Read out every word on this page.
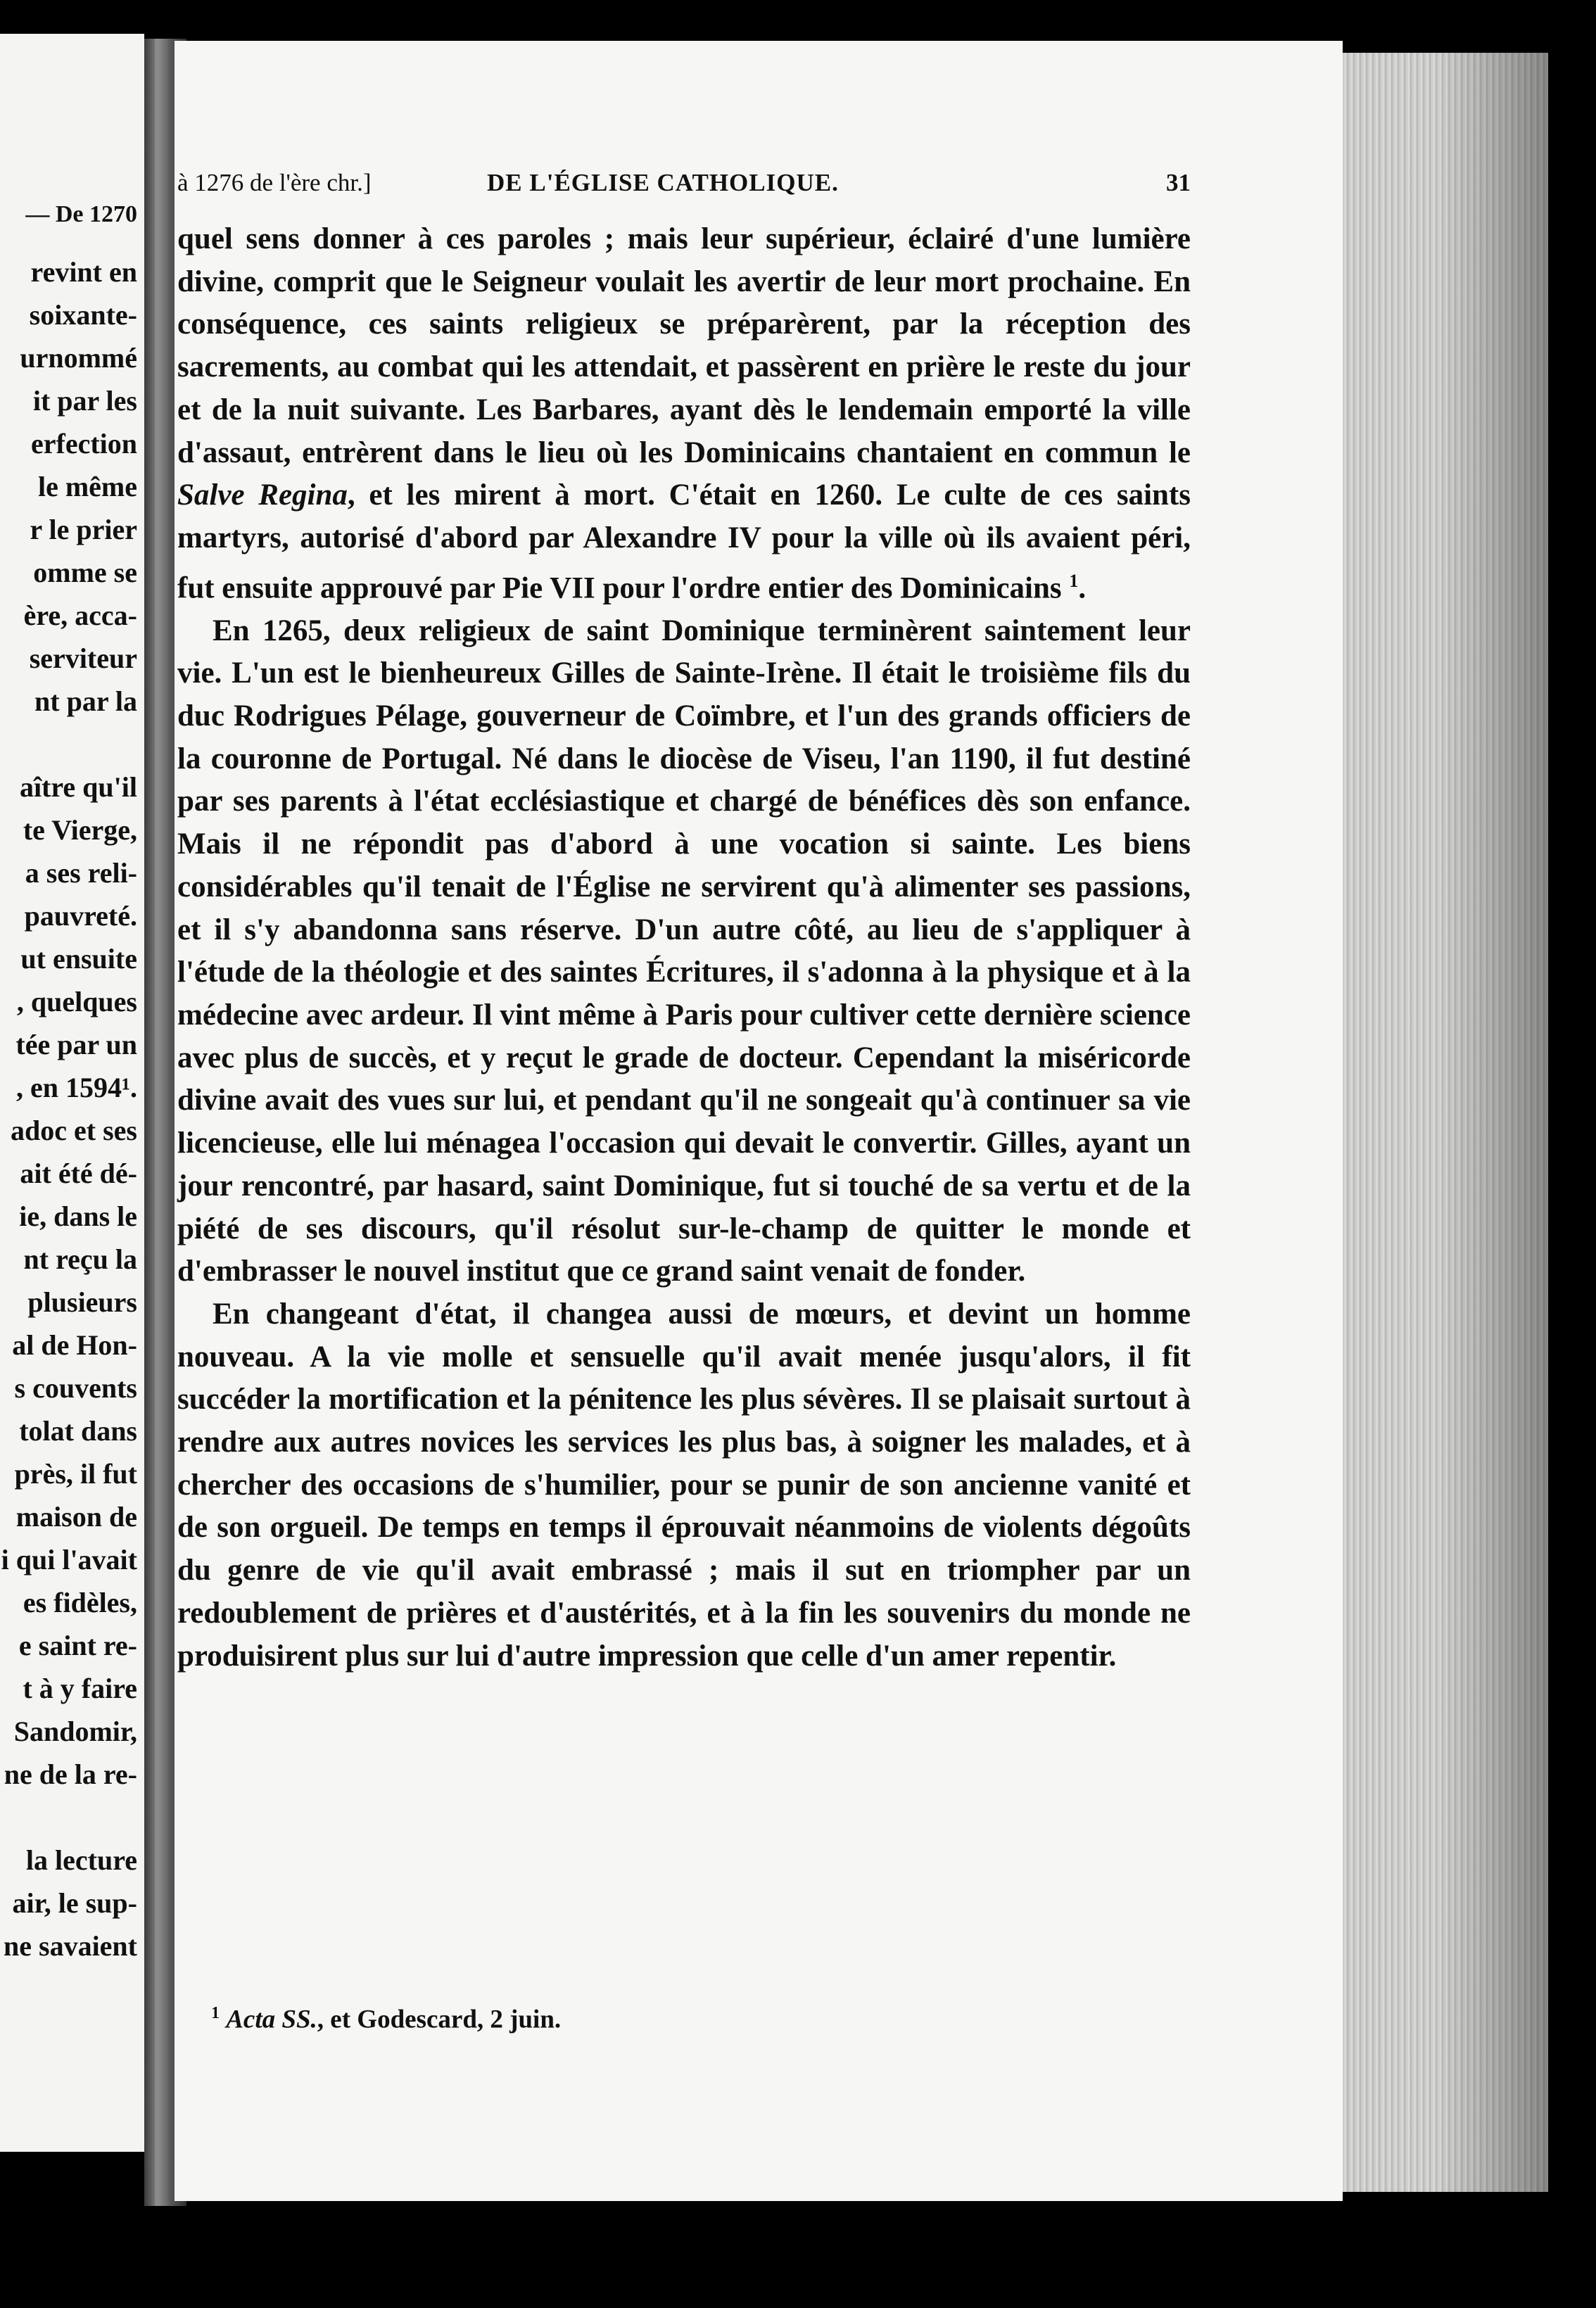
— De 1270
revint en
soixante-
urnommé
it par les
erfection
le même
r le prier
omme se
ère, acca-
serviteur
nt par la

aître qu'il
te Vierge,
a ses reli-
pauvreté.
ut ensuite
, quelques
tée par un
, en 1594¹.
adoc et ses
ait été dé-
ie, dans le
nt reçu la
plusieurs
al de Hon-
s couvents
tolat dans
près, il fut
maison de
i qui l'avait
es fidèles,
e saint re-
t à y faire
Sandomir,
ne de la re-

la lecture
air, le sup-
ne savaient
à 1276 de l'ère chr.]	DE L'ÉGLISE CATHOLIQUE.	31

quel sens donner à ces paroles ; mais leur supérieur, éclairé d'une lumière divine, comprit que le Seigneur voulait les avertir de leur mort prochaine. En conséquence, ces saints religieux se préparèrent, par la réception des sacrements, au combat qui les attendait, et passèrent en prière le reste du jour et de la nuit suivante. Les Barbares, ayant dès le lendemain emporté la ville d'assaut, entrèrent dans le lieu où les Dominicains chantaient en commun le Salve Regina, et les mirent à mort. C'était en 1260. Le culte de ces saints martyrs, autorisé d'abord par Alexandre IV pour la ville où ils avaient péri, fut ensuite approuvé par Pie VII pour l'ordre entier des Dominicains $^1$.

En 1265, deux religieux de saint Dominique terminèrent saintement leur vie. L'un est le bienheureux Gilles de Sainte-Irène. Il était le troisième fils du duc Rodrigues Pélage, gouverneur de Coïmbre, et l'un des grands officiers de la couronne de Portugal. Né dans le diocèse de Viseu, l'an 1190, il fut destiné par ses parents à l'état ecclésiastique et chargé de bénéfices dès son enfance. Mais il ne répondit pas d'abord à une vocation si sainte. Les biens considérables qu'il tenait de l'Église ne servirent qu'à alimenter ses passions, et il s'y abandonna sans réserve. D'un autre côté, au lieu de s'appliquer à l'étude de la théologie et des saintes Écritures, il s'adonna à la physique et à la médecine avec ardeur. Il vint même à Paris pour cultiver cette dernière science avec plus de succès, et y reçut le grade de docteur. Cependant la miséricorde divine avait des vues sur lui, et pendant qu'il ne songeait qu'à continuer sa vie licencieuse, elle lui ménagea l'occasion qui devait le convertir. Gilles, ayant un jour rencontré, par hasard, saint Dominique, fut si touché de sa vertu et de la piété de ses discours, qu'il résolut sur-le-champ de quitter le monde et d'embrasser le nouvel institut que ce grand saint venait de fonder.

En changeant d'état, il changea aussi de mœurs, et devint un homme nouveau. A la vie molle et sensuelle qu'il avait menée jusqu'alors, il fit succéder la mortification et la pénitence les plus sévères. Il se plaisait surtout à rendre aux autres novices les services les plus bas, à soigner les malades, et à chercher des occasions de s'humilier, pour se punir de son ancienne vanité et de son orgueil. De temps en temps il éprouvait néanmoins de violents dégoûts du genre de vie qu'il avait embrassé ; mais il sut en triompher par un redoublement de prières et d'austérités, et à la fin les souvenirs du monde ne produisirent plus sur lui d'autre impression que celle d'un amer repentir.

$^1$ Acta SS., et Godescard, 2 juin.
